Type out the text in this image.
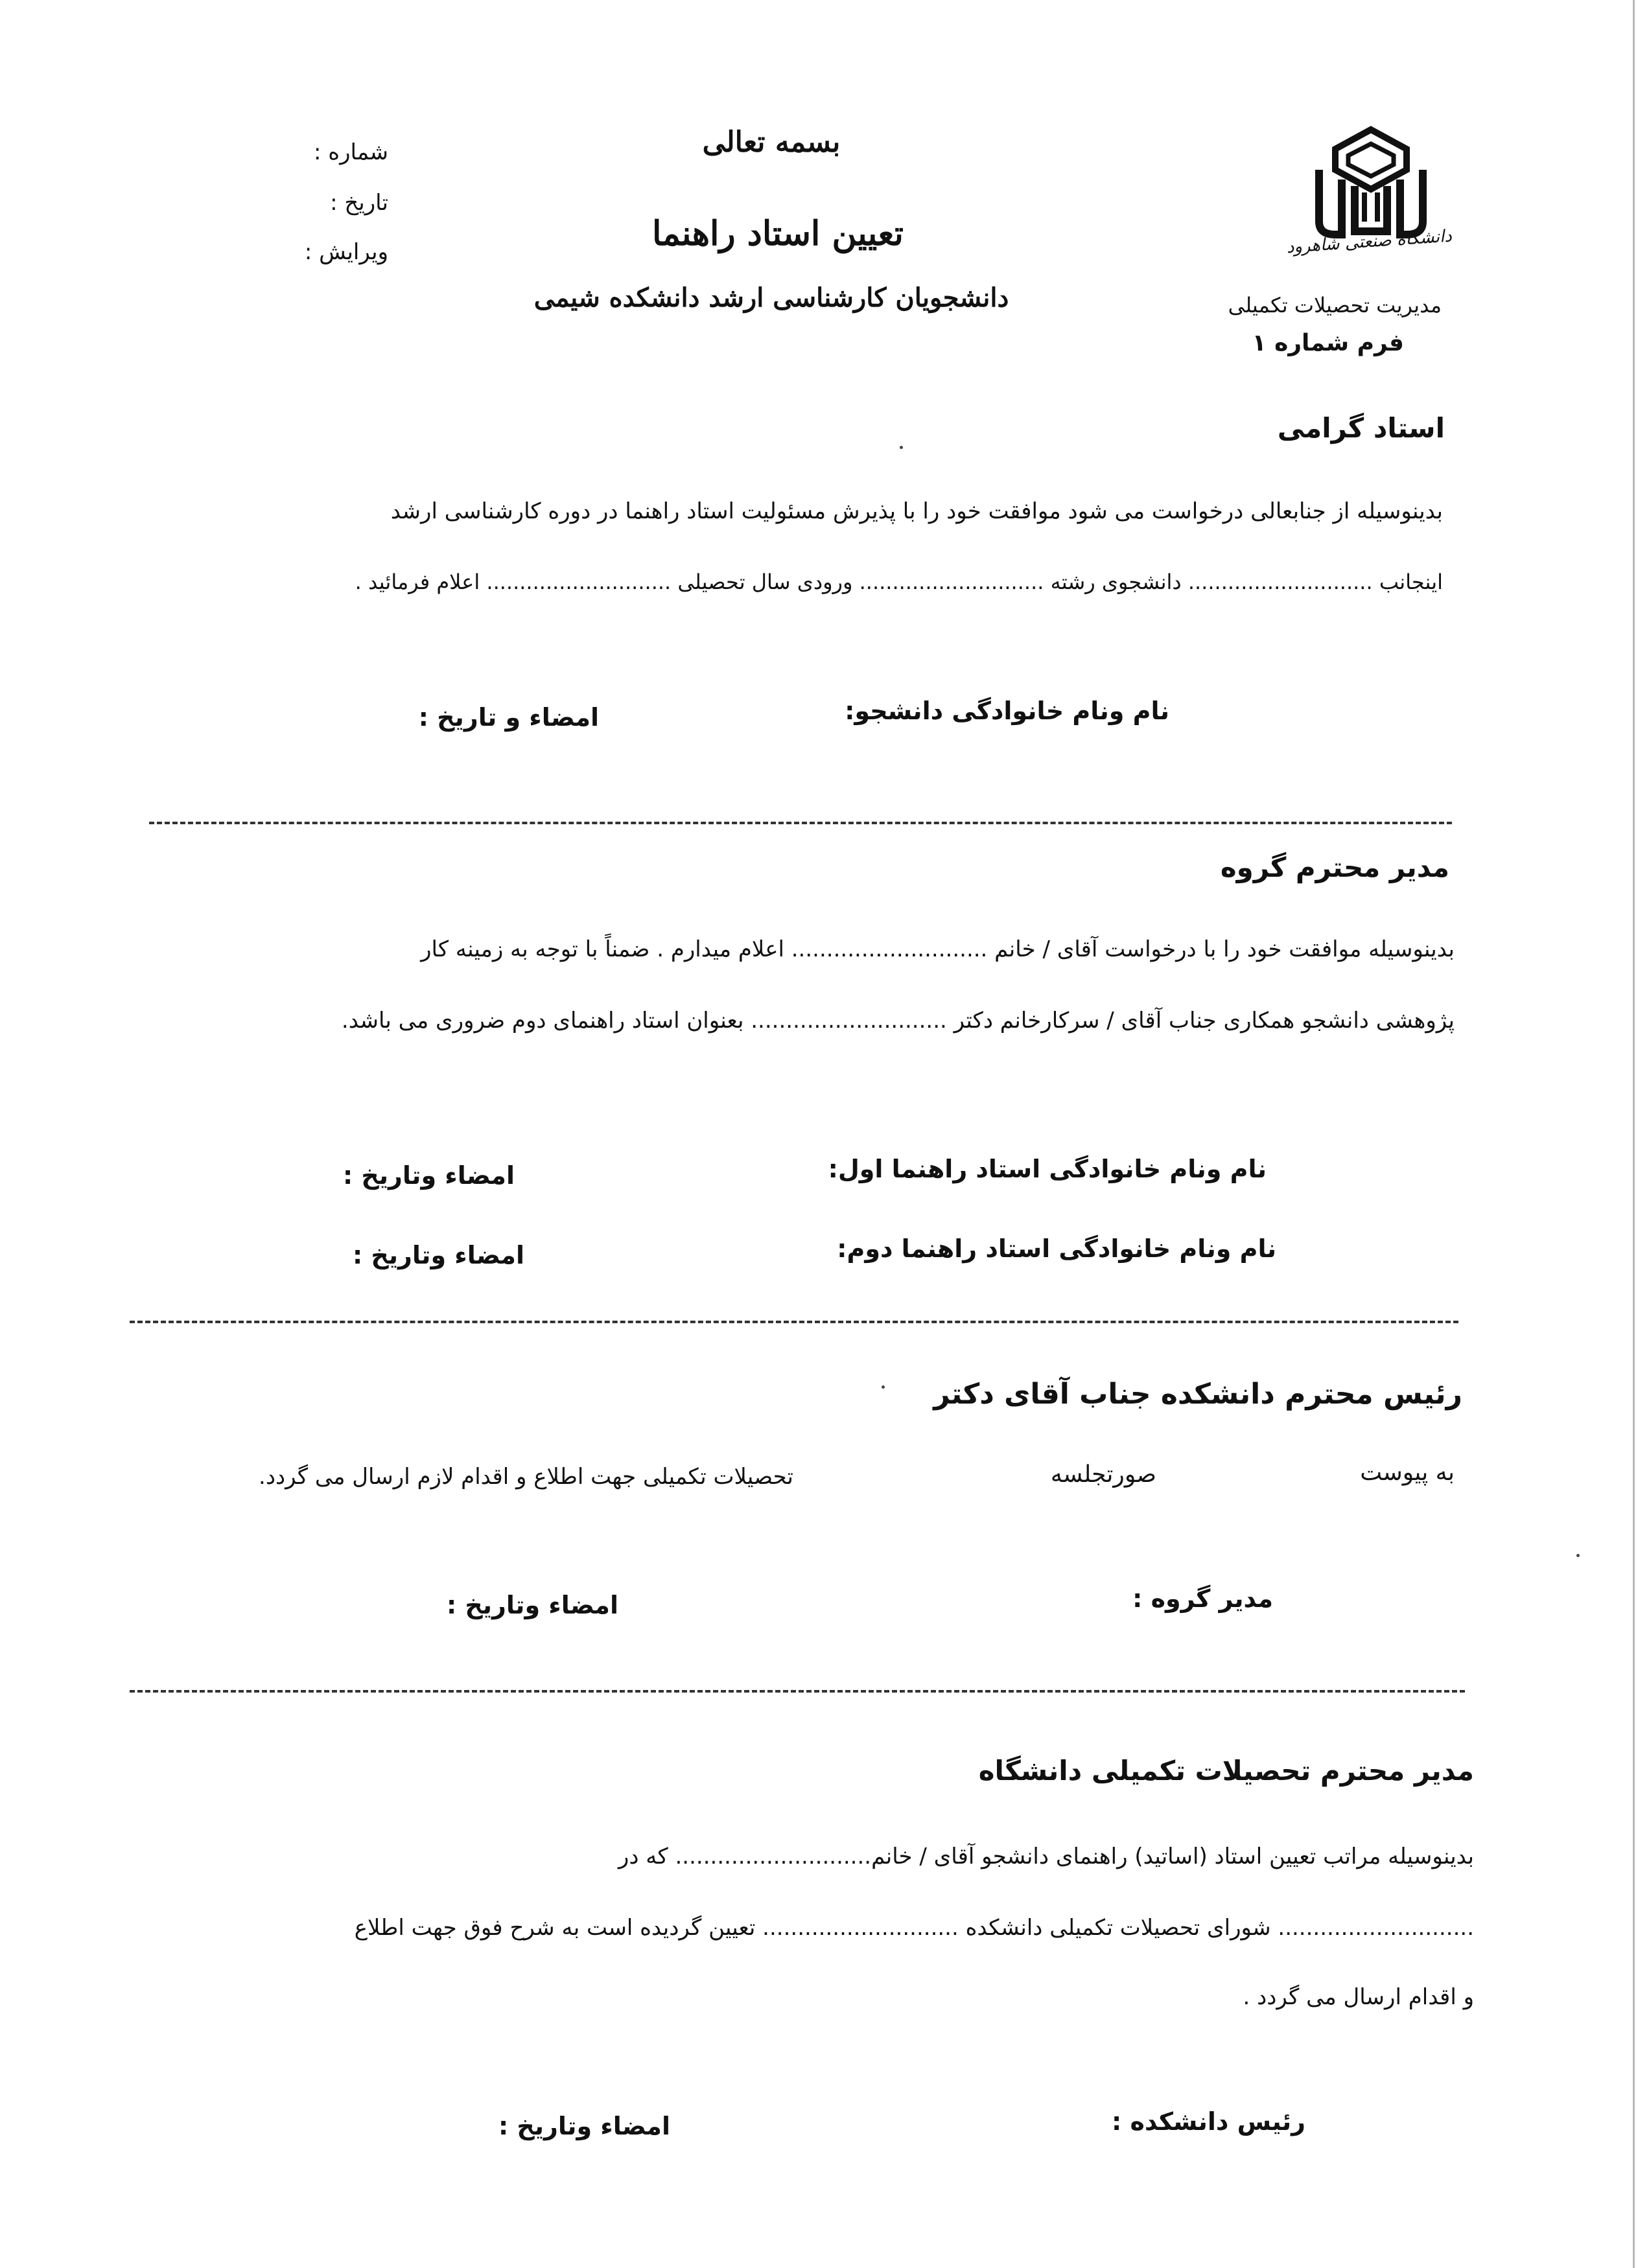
بسمه تعالی
شماره :
تاریخ :
ویرایش :	تعیین استاد راهنما
دانشجویان کارشناسی ارشد دانشکده شیمی
دانشگاه صنعتی شاهرود
مدیریت تحصیلات تکمیلی
فرم شماره ۱
استاد گرامی
بدینوسیله از جنابعالی درخواست می شود موافقت خود را با پذیرش مسئولیت استاد راهنما در دوره کارشناسی ارشد
اینجانب ............................ دانشجوی رشته ............................ ورودی سال تحصیلی ............................ اعلام فرمائید .
نام ونام خانوادگی دانشجو:
امضاء و تاریخ :
مدیر محترم گروه
بدینوسیله موافقت خود را با درخواست آقای / خانم ............................ اعلام میدارم . ضمناً با توجه به زمینه کار
پژوهشی دانشجو همکاری جناب آقای / سرکارخانم دکتر ............................ بعنوان استاد راهنمای دوم ضروری می باشد.
نام ونام خانوادگی استاد راهنما اول:
امضاء وتاریخ :
نام ونام خانوادگی استاد راهنما دوم:
امضاء وتاریخ :
رئیس محترم دانشکده جناب آقای دکتر
به پیوست
صورتجلسه
تحصیلات تکمیلی جهت اطلاع و اقدام لازم ارسال می گردد.
مدیر گروه :
امضاء وتاریخ :
مدیر محترم تحصیلات تکمیلی دانشگاه
بدینوسیله مراتب تعیین استاد (اساتید) راهنمای دانشجو آقای / خانم............................ که در
............................ شورای تحصیلات تکمیلی دانشکده ............................ تعیین گردیده است به شرح فوق جهت اطلاع
و اقدام ارسال می گردد .
رئیس دانشکده :
امضاء وتاریخ :
